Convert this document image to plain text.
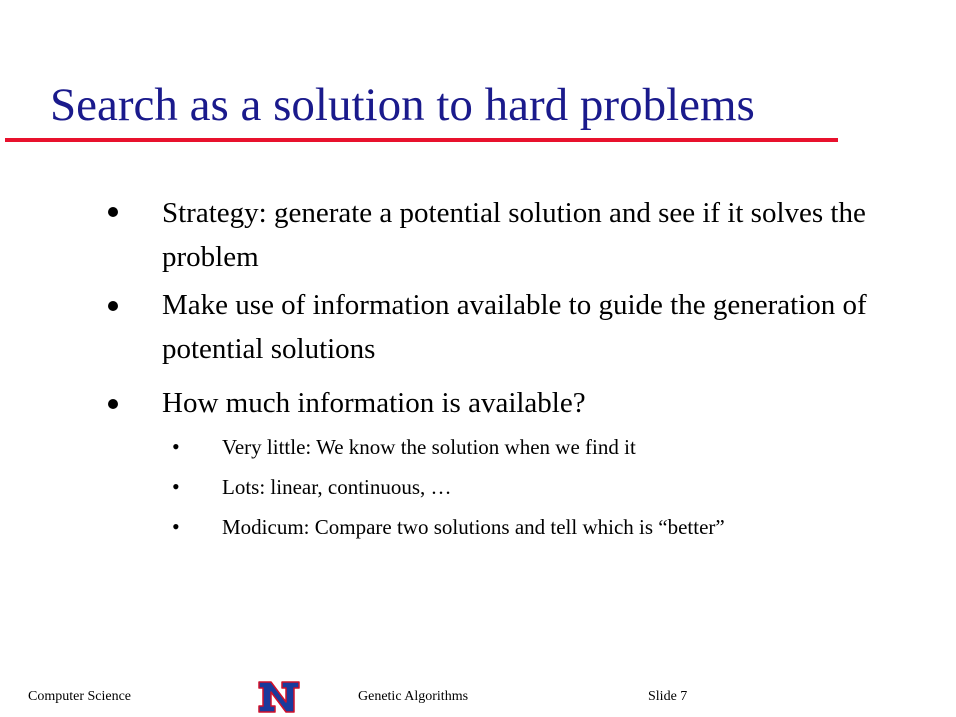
Search as a solution to hard problems
Strategy: generate a potential solution and see if it solves the problem
Make use of information available to guide the generation of potential solutions
How much information is available?
• Very little: We know the solution when we find it
• Lots: linear, continuous, …
• Modicum: Compare two solutions and tell which is “better”
Computer Science	Genetic Algorithms	Slide 7
